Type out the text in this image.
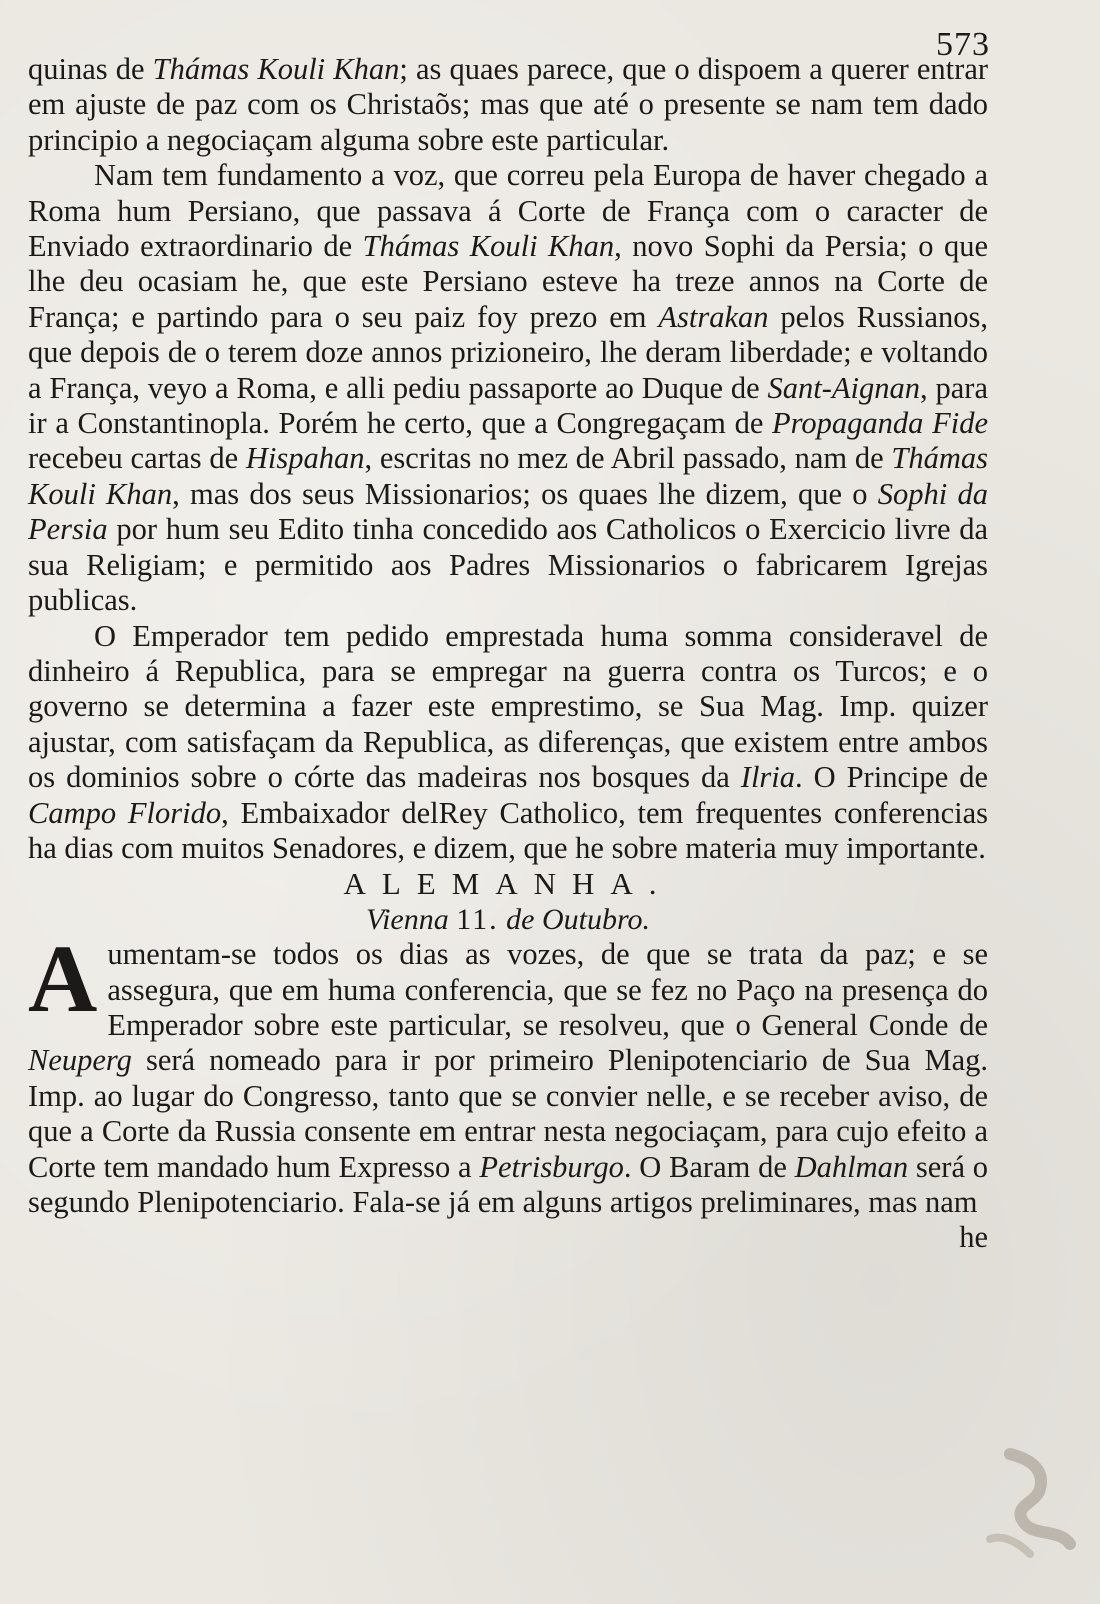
573

quinas de Thámas Kouli Khan; as quaes parece, que o dispoem a querer entrar em ajuste de paz com os Christaõs; mas que até o presente se nam tem dado principio a negociaçam alguma sobre este particular.

Nam tem fundamento a voz, que correu pela Europa de haver chegado a Roma hum Persiano, que passava á Corte de França com o caracter de Enviado extraordinario de Thámas Kouli Khan, novo Sophi da Persia; o que lhe deu ocasiam he, que este Persiano esteve ha treze annos na Corte de França; e partindo para o seu paiz foy prezo em Astrakan pelos Russianos, que depois de o terem doze annos prizioneiro, lhe deram liberdade; e voltando a França, veyo a Roma, e alli pediu passaporte ao Duque de Sant-Aignan, para ir a Constantinopla. Porém he certo, que a Congregaçam de Propaganda Fide recebeu cartas de Hispahan, escritas no mez de Abril passado, nam de Thámas Kouli Khan, mas dos seus Missionarios; os quaes lhe dizem, que o Sophi da Persia por hum seu Edito tinha concedido aos Catholicos o Exercicio livre da sua Religiam; e permitido aos Padres Missionarios o fabricarem Igrejas publicas.

O Emperador tem pedido emprestada huma somma consideravel de dinheiro á Republica, para se empregar na guerra contra os Turcos; e o governo se determina a fazer este emprestimo, se Sua Mag. Imp. quizer ajustar, com satisfaçam da Republica, as diferenças, que existem entre ambos os dominios sobre o córte das madeiras nos bosques da Ilria. O Principe de Campo Florido, Embaixador delRey Catholico, tem frequentes conferencias ha dias com muitos Senadores, e dizem, que he sobre materia muy importante.

ALEMANHA.

Vienna 11. de Outubro.

Aumentam-se todos os dias as vozes, de que se trata da paz; e se assegura, que em huma conferencia, que se fez no Paço na presença do Emperador sobre este particular, se resolveu, que o General Conde de Neuperg será nomeado para ir por primeiro Plenipotenciario de Sua Mag. Imp. ao lugar do Congresso, tanto que se convier nelle, e se receber aviso, de que a Corte da Russia consente em entrar nesta negociaçam, para cujo efeito a Corte tem mandado hum Expresso a Petrisburgo. O Baram de Dahlman será o segundo Plenipotenciario. Fala-se já em alguns artigos preliminares, mas nam

he
